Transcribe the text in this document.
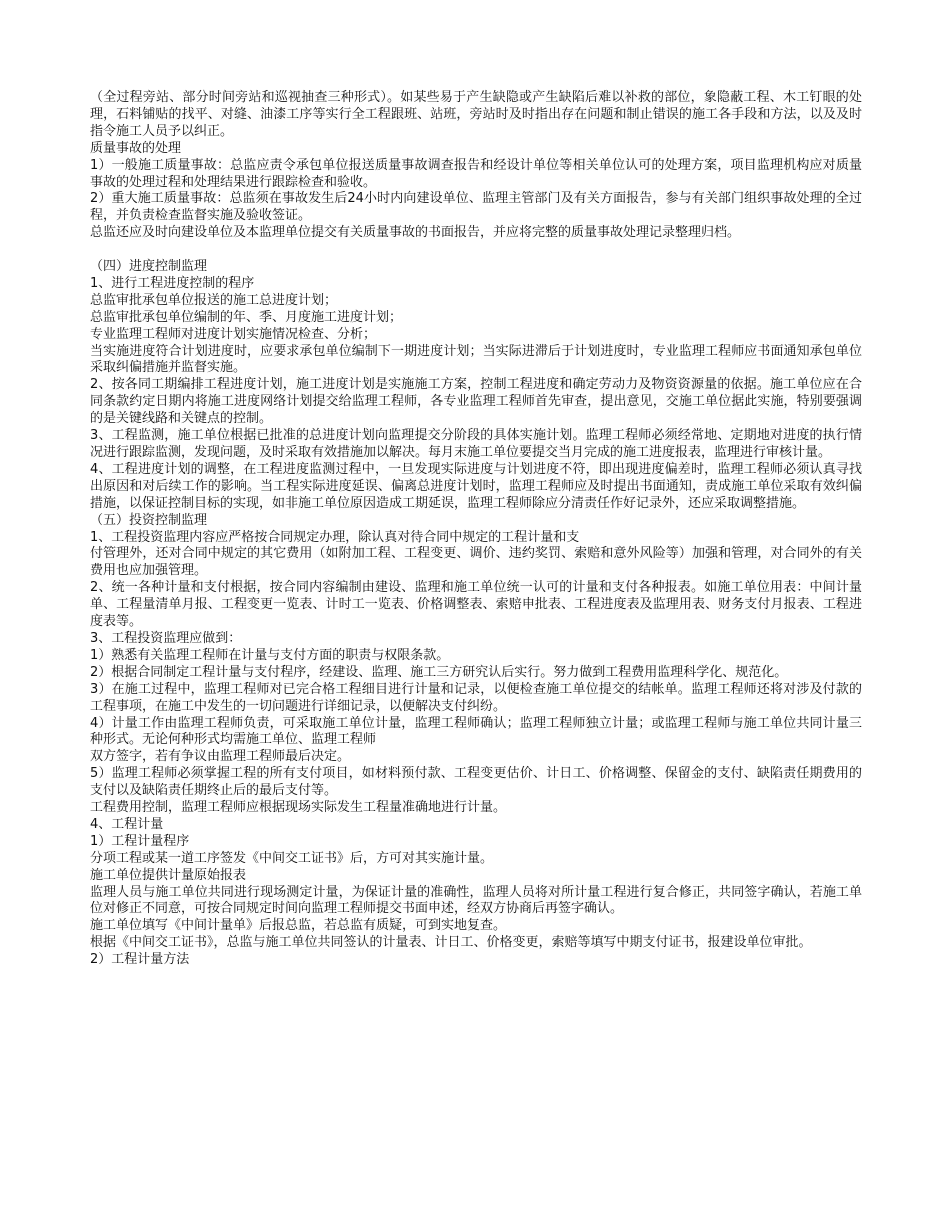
（全过程旁站、部分时间旁站和巡视抽查三种形式）。如某些易于产生缺隐或产生缺陷后难以补救的部位，象隐蔽工程、木工钉眼的处理，石料铺贴的找平、对缝、油漆工序等实行全工程跟班、站班，旁站时及时指出存在问题和制止错误的施工各手段和方法，以及及时指令施工人员予以纠正。

质量事故的处理

1）一般施工质量事故：总监应责令承包单位报送质量事故调查报告和经设计单位等相关单位认可的处理方案，项目监理机构应对质量事故的处理过程和处理结果进行跟踪检查和验收。

2）重大施工质量事故：总监须在事故发生后24小时内向建设单位、监理主管部门及有关方面报告，参与有关部门组织事故处理的全过程，并负责检查监督实施及验收签证。

总监还应及时向建设单位及本监理单位提交有关质量事故的书面报告，并应将完整的质量事故处理记录整理归档。

（四）进度控制监理

1、进行工程进度控制的程序

总监审批承包单位报送的施工总进度计划；

总监审批承包单位编制的年、季、月度施工进度计划；

专业监理工程师对进度计划实施情况检查、分析；

当实施进度符合计划进度时，应要求承包单位编制下一期进度计划；当实际进滞后于计划进度时，专业监理工程师应书面通知承包单位采取纠偏措施并监督实施。

2、按各同工期编排工程进度计划，施工进度计划是实施施工方案，控制工程进度和确定劳动力及物资资源量的依据。施工单位应在合同条款约定日期内将施工进度网络计划提交给监理工程师，各专业监理工程师首先审查，提出意见，交施工单位据此实施，特别要强调的是关键线路和关键点的控制。

3、工程监测，施工单位根据已批准的总进度计划向监理提交分阶段的具体实施计划。监理工程师必须经常地、定期地对进度的执行情况进行跟踪监测，发现问题，及时采取有效措施加以解决。每月末施工单位要提交当月完成的施工进度报表，监理进行审核计量。

4、工程进度计划的调整，在工程进度监测过程中，一旦发现实际进度与计划进度不符，即出现进度偏差时，监理工程师必须认真寻找出原因和对后续工作的影响。当工程实际进度延误、偏离总进度计划时，监理工程师应及时提出书面通知，责成施工单位采取有效纠偏措施，以保证控制目标的实现，如非施工单位原因造成工期延误，监理工程师除应分清责任作好记录外，还应采取调整措施。

（五）投资控制监理

1、工程投资监理内容应严格按合同规定办理，除认真对待合同中规定的工程计量和支

付管理外，还对合同中规定的其它费用（如附加工程、工程变更、调价、违约奖罚、索赔和意外风险等）加强和管理，对合同外的有关费用也应加强管理。

2、统一各种计量和支付根据，按合同内容编制由建设、监理和施工单位统一认可的计量和支付各种报表。如施工单位用表：中间计量单、工程量清单月报、工程变更一览表、计时工一览表、价格调整表、索赔申批表、工程进度表及监理用表、财务支付月报表、工程进度表等。

3、工程投资监理应做到：

1）熟悉有关监理工程师在计量与支付方面的职责与权限条款。

2）根据合同制定工程计量与支付程序，经建设、监理、施工三方研究认后实行。努力做到工程费用监理科学化、规范化。

3）在施工过程中，监理工程师对已完合格工程细目进行计量和记录，以便检查施工单位提交的结帐单。监理工程师还将对涉及付款的工程事项，在施工中发生的一切问题进行详细记录，以便解决支付纠纷。

4）计量工作由监理工程师负责，可采取施工单位计量，监理工程师确认；监理工程师独立计量；或监理工程师与施工单位共同计量三种形式。无论何种形式均需施工单位、监理工程师

双方签字，若有争议由监理工程师最后决定。

5）监理工程师必须掌握工程的所有支付项目，如材料预付款、工程变更估价、计日工、价格调整、保留金的支付、缺陷责任期费用的支付以及缺陷责任期终止后的最后支付等。

工程费用控制，监理工程师应根据现场实际发生工程量准确地进行计量。

4、工程计量

1）工程计量程序

分项工程或某一道工序签发《中间交工证书》后，方可对其实施计量。

施工单位提供计量原始报表

监理人员与施工单位共同进行现场测定计量，为保证计量的准确性，监理人员将对所计量工程进行复合修正，共同签字确认，若施工单位对修正不同意，可按合同规定时间向监理工程师提交书面申述，经双方协商后再签字确认。

施工单位填写《中间计量单》后报总监，若总监有质疑，可到实地复查。

根据《中间交工证书》，总监与施工单位共同签认的计量表、计日工、价格变更，索赔等填写中期支付证书，报建设单位审批。

2）工程计量方法
